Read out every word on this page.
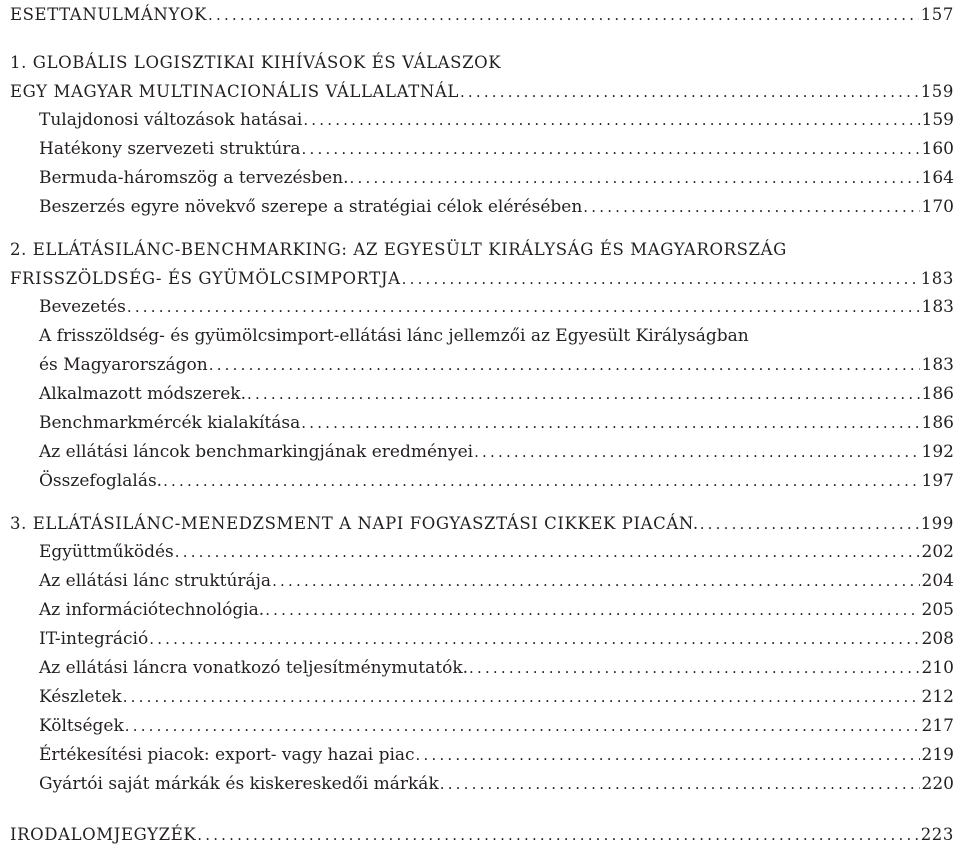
ESETTANULMÁNYOK .....	157
1. GLOBÁLIS LOGISZTIKAI KIHÍVÁSOK ÉS VÁLASZOK
EGY MAGYAR MULTINACIONÁLIS VÁLLALATNÁL .....	159
Tulajdonosi változások hatásai .....	159
Hatékony szervezeti struktúra .....	160
Bermuda-háromszög a tervezésben. .....	164
Beszerzés egyre növekvő szerepe a stratégiai célok elérésében .....	170
2. ELLÁTÁSILÁNC-BENCHMARKING: AZ EGYESÜLT KIRÁLYSÁG ÉS MAGYARORSZÁG
FRISSZÖLDSÉG- ÉS GYÜMÖLCSIMPORTJA .....	183
Bevezetés .....	183
A frisszöldség- és gyümölcsimport-ellátási lánc jellemzői az Egyesült Királyságban
és Magyarországon .....	183
Alkalmazott módszerek. .....	186
Benchmarkmércék kialakítása .....	186
Az ellátási láncok benchmarkingjának eredményei .....	192
Összefoglalás. .....	197
3. ELLÁTÁSILÁNC-MENEDZSMENT A NAPI FOGYASZTÁSI CIKKEK PIACÁN. .....	199
Együttműködés .....	202
Az ellátási lánc struktúrája .....	204
Az információtechnológia. .....	205
IT-integráció .....	208
Az ellátási láncra vonatkozó teljesítménymutatók. .....	210
Készletek .....	212
Költségek .....	217
Értékesítési piacok: export- vagy hazai piac .....	219
Gyártói saját márkák és kiskereskedői márkák .....	220
IRODALOMJEGYZÉK .....	223
